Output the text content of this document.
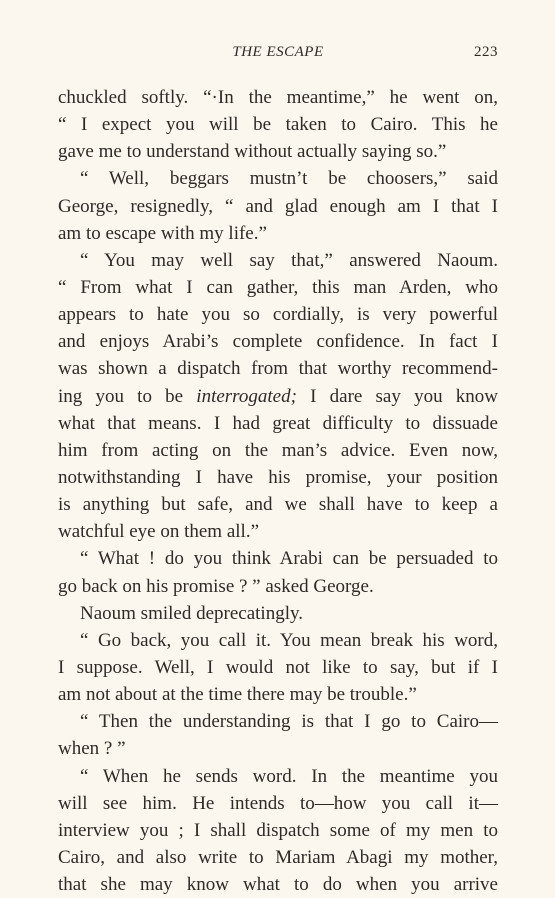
THE ESCAPE	223
chuckled softly. “·In the meantime,” he went on,
“ I expect you will be taken to Cairo. This he
gave me to understand without actually saying so.”
“ Well, beggars mustn’t be choosers,” said
George, resignedly, “ and glad enough am I that I
am to escape with my life.”
“ You may well say that,” answered Naoum.
“ From what I can gather, this man Arden, who
appears to hate you so cordially, is very powerful
and enjoys Arabi’s complete confidence. In fact I
was shown a dispatch from that worthy recommend-
ing you to be interrogated; I dare say you know
what that means. I had great difficulty to dissuade
him from acting on the man’s advice. Even now,
notwithstanding I have his promise, your position
is anything but safe, and we shall have to keep a
watchful eye on them all.”
“ What ! do you think Arabi can be persuaded to
go back on his promise ? ” asked George.
Naoum smiled deprecatingly.
“ Go back, you call it. You mean break his word,
I suppose. Well, I would not like to say, but if I
am not about at the time there may be trouble.”
“ Then the understanding is that I go to Cairo—
when ? ”
“ When he sends word. In the meantime you
will see him. He intends to—how you call it—
interview you ; I shall dispatch some of my men to
Cairo, and also write to Mariam Abagi my mother,
that she may know what to do when you arrive
